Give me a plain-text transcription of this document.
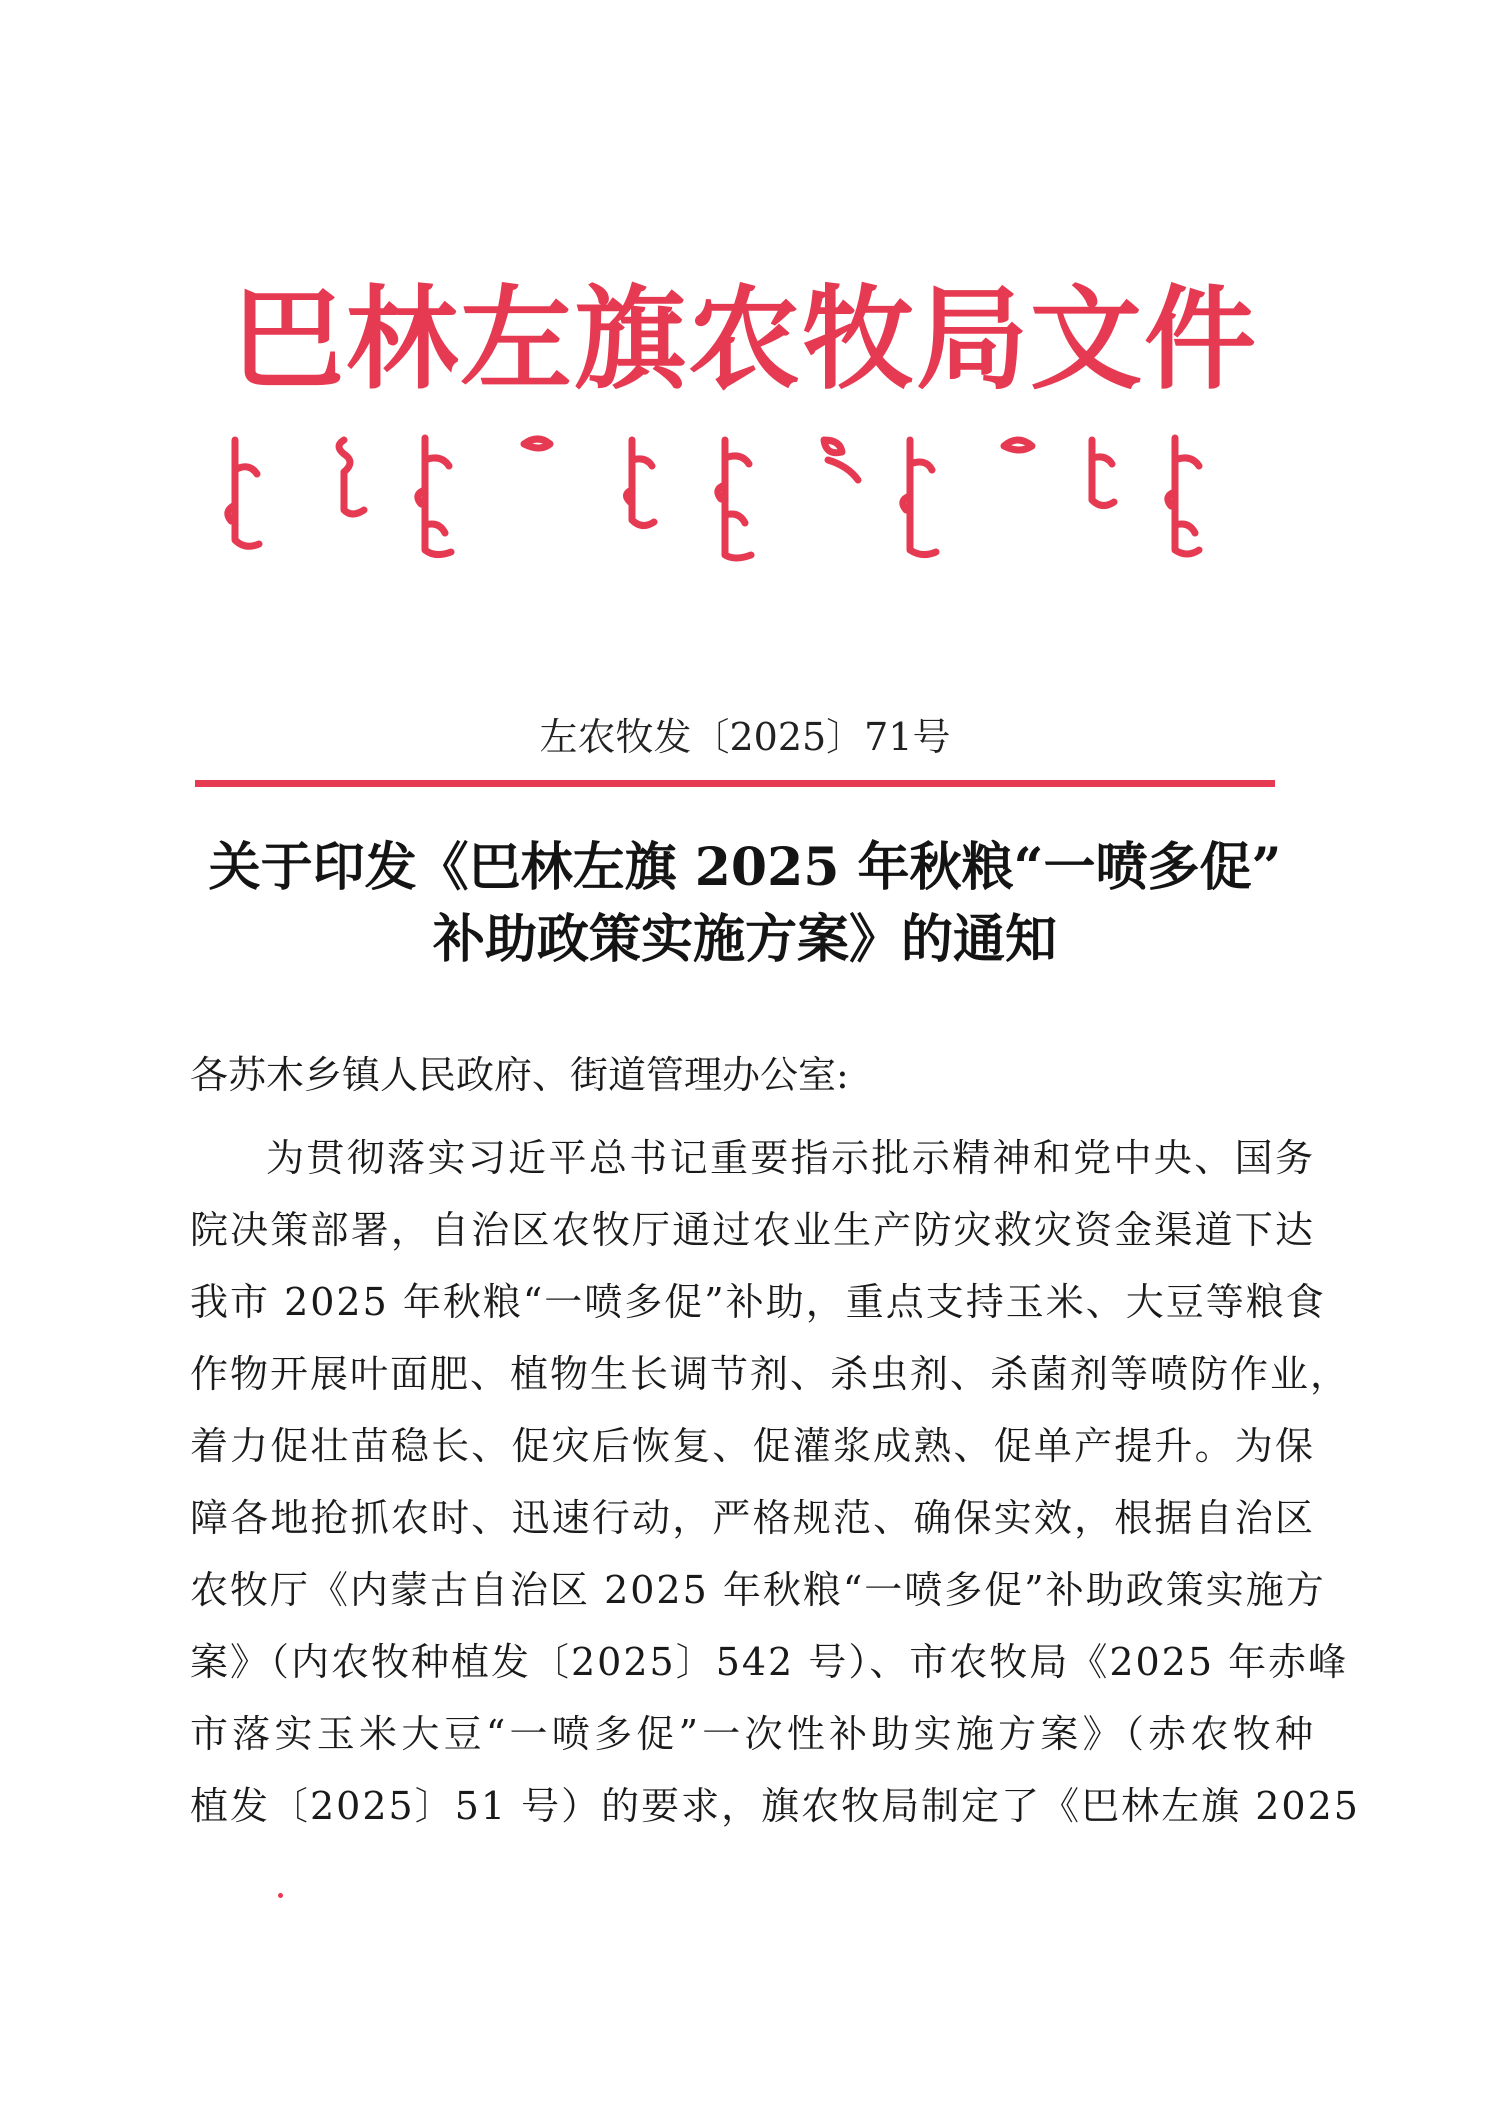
巴林左旗农牧局文件
左农牧发〔2025〕71号
关于印发《巴林左旗 2025 年秋粮“一喷多促”
补助政策实施方案》的通知
各苏木乡镇人民政府、街道管理办公室:
为贯彻落实习近平总书记重要指示批示精神和党中央、国务
院决策部署，自治区农牧厅通过农业生产防灾救灾资金渠道下达
我市 2025 年秋粮“一喷多促”补助，重点支持玉米、大豆等粮食
作物开展叶面肥、植物生长调节剂、杀虫剂、杀菌剂等喷防作业，
着力促壮苗稳长、促灾后恢复、促灌浆成熟、促单产提升。为保
障各地抢抓农时、迅速行动，严格规范、确保实效，根据自治区
农牧厅《内蒙古自治区 2025 年秋粮“一喷多促”补助政策实施方
案》（内农牧种植发〔2025〕542 号）、市农牧局《2025 年赤峰
市落实玉米大豆“一喷多促”一次性补助实施方案》（赤农牧种
植发〔2025〕51 号）的要求，旗农牧局制定了《巴林左旗 2025
